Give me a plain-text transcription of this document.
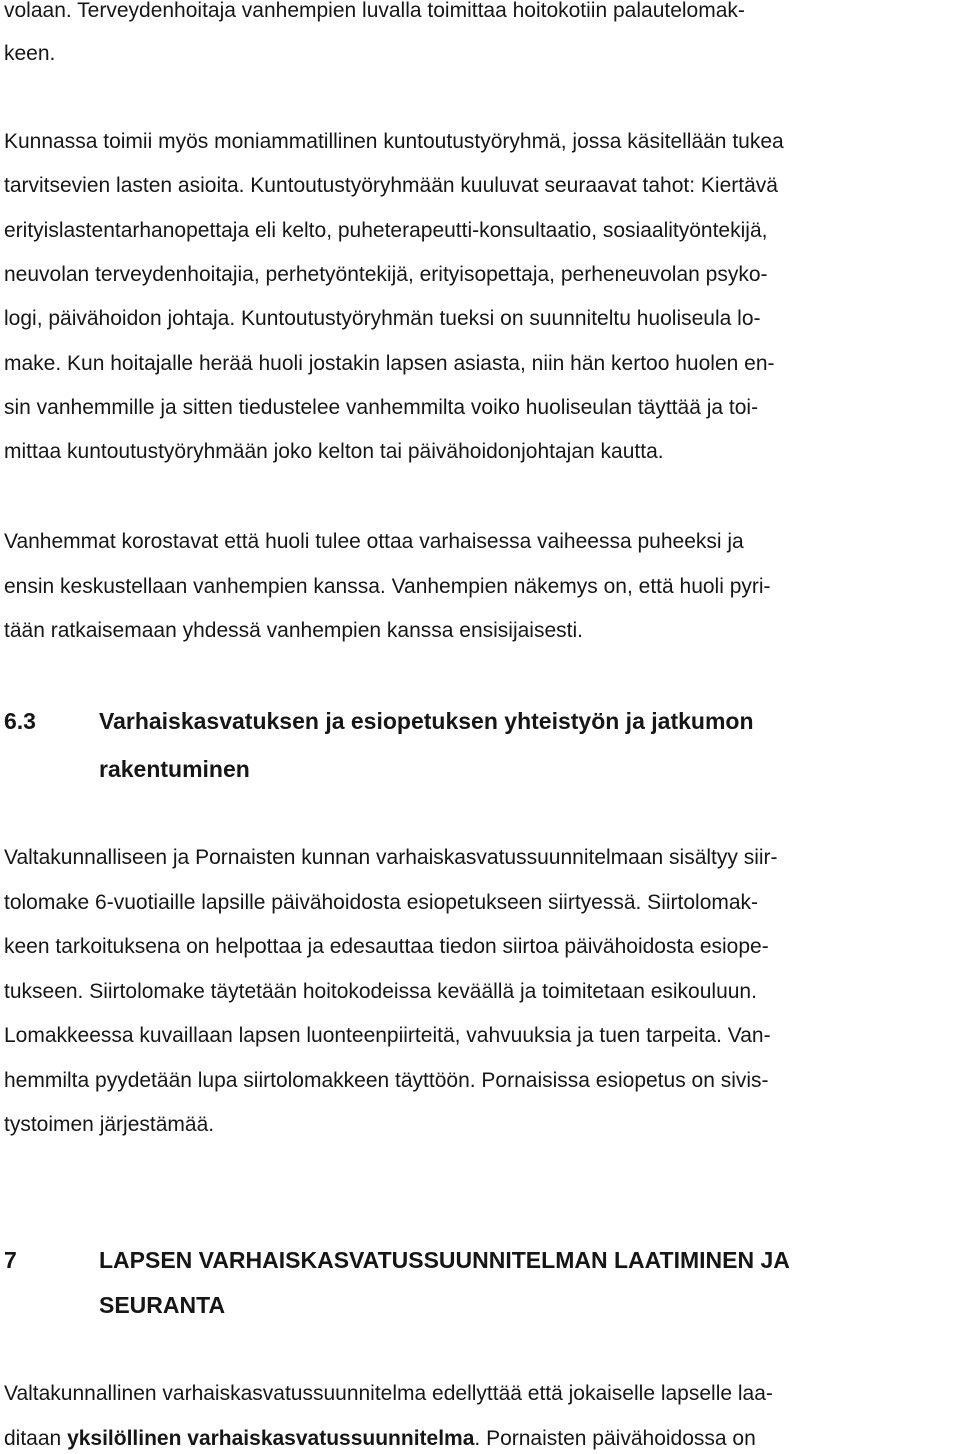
volaan. Terveydenhoitaja vanhempien luvalla toimittaa hoitokotiin palautelomak-
keen.
Kunnassa toimii myös moniammatillinen kuntoutustyöryhmä, jossa käsitellään tukea
tarvitsevien lasten asioita. Kuntoutustyöryhmään kuuluvat seuraavat tahot: Kiertävä
erityislastentarhanopettaja eli kelto, puheterapeutti-konsultaatio, sosiaalityöntekijä,
neuvolan terveydenhoitajia, perhetyöntekijä, erityisopettaja, perheneuvolan psyko-
logi, päivähoidon johtaja. Kuntoutustyöryhmän tueksi on suunniteltu huoliseula lo-
make. Kun hoitajalle herää huoli jostakin lapsen asiasta, niin hän kertoo huolen en-
sin vanhemmille ja sitten tiedustelee vanhemmilta voiko huoliseulan täyttää ja toi-
mittaa kuntoutustyöryhmään joko kelton tai päivähoidonjohtajan kautta.
Vanhemmat korostavat että huoli tulee ottaa varhaisessa vaiheessa puheeksi ja
ensin keskustellaan vanhempien kanssa. Vanhempien näkemys on, että huoli pyri-
tään ratkaisemaan yhdessä vanhempien kanssa ensisijaisesti.
6.3	Varhaiskasvatuksen ja esiopetuksen yhteistyön ja jatkumon
rakentuminen
Valtakunnalliseen ja Pornaisten kunnan varhaiskasvatussuunnitelmaan sisältyy siir-
tolomake 6-vuotiaille lapsille päivähoidosta esiopetukseen siirtyessä. Siirtolomak-
keen tarkoituksena on helpottaa ja edesauttaa tiedon siirtoa päivähoidosta esiope-
tukseen. Siirtolomake täytetään hoitokodeissa keväällä ja toimitetaan esikouluun.
Lomakkeessa kuvaillaan lapsen luonteenpiirteitä, vahvuuksia ja tuen tarpeita. Van-
hemmilta pyydetään lupa siirtolomakkeen täyttöön. Pornaisissa esiopetus on sivis-
tystoimen järjestämää.
7	LAPSEN VARHAISKASVATUSSUUNNITELMAN LAATIMINEN JA
SEURANTA
Valtakunnallinen varhaiskasvatussuunnitelma edellyttää että jokaiselle lapselle laa-
ditaan yksilöllinen varhaiskasvatussuunnitelma. Pornaisten päivähoidossa on
